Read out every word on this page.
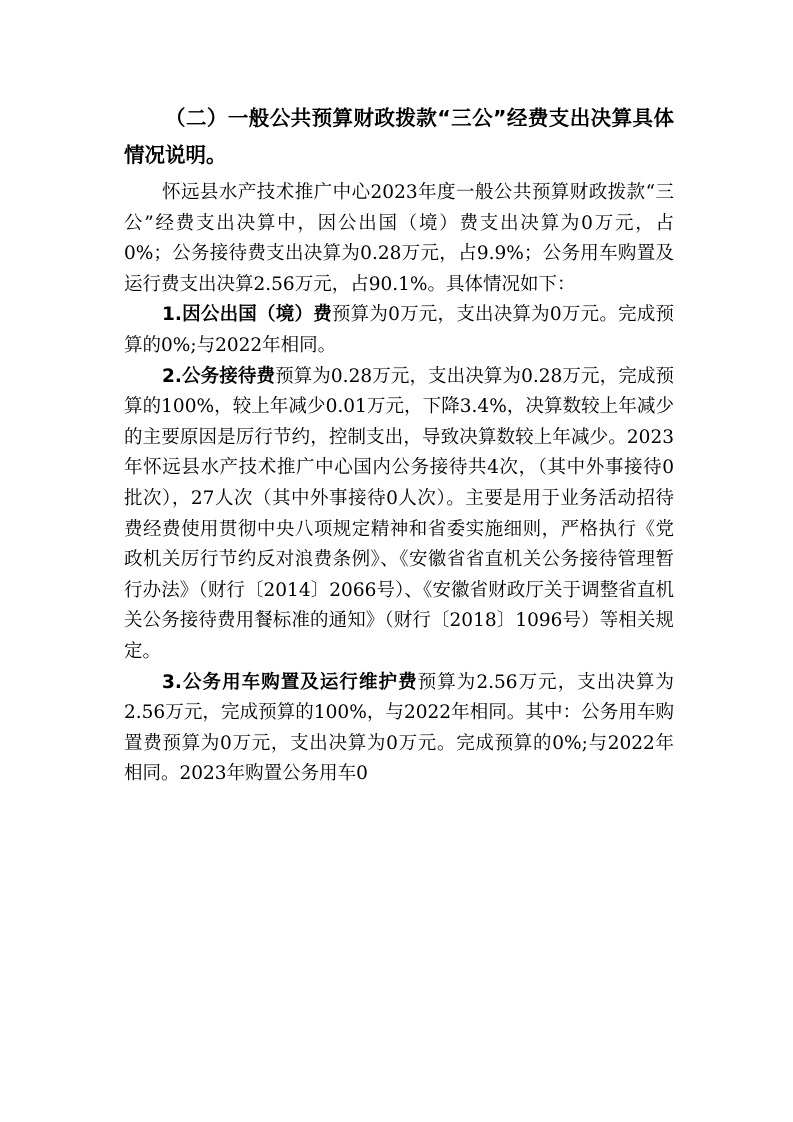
（二）一般公共预算财政拨款“三公”经费支出决算具体情况说明。

怀远县水产技术推广中心2023年度一般公共预算财政拨款“三公”经费支出决算中，因公出国（境）费支出决算为0万元，占0%；公务接待费支出决算为0.28万元，占9.9%；公务用车购置及运行费支出决算2.56万元，占90.1%。具体情况如下：

1.因公出国（境）费预算为0万元，支出决算为0万元。完成预算的0%;与2022年相同。

2.公务接待费预算为0.28万元，支出决算为0.28万元，完成预算的100%，较上年减少0.01万元，下降3.4%，决算数较上年减少的主要原因是厉行节约，控制支出，导致决算数较上年减少。2023年怀远县水产技术推广中心国内公务接待共4次，（其中外事接待0批次），27人次（其中外事接待0人次）。主要是用于业务活动招待费经费使用贯彻中央八项规定精神和省委实施细则，严格执行《党政机关厉行节约反对浪费条例》、《安徽省省直机关公务接待管理暂行办法》（财行〔2014〕2066号）、《安徽省财政厅关于调整省直机关公务接待费用餐标准的通知》（财行〔2018〕1096号）等相关规定。

3.公务用车购置及运行维护费预算为2.56万元，支出决算为2.56万元，完成预算的100%，与2022年相同。其中：公务用车购置费预算为0万元，支出决算为0万元。完成预算的0%;与2022年相同。2023年购置公务用车0
